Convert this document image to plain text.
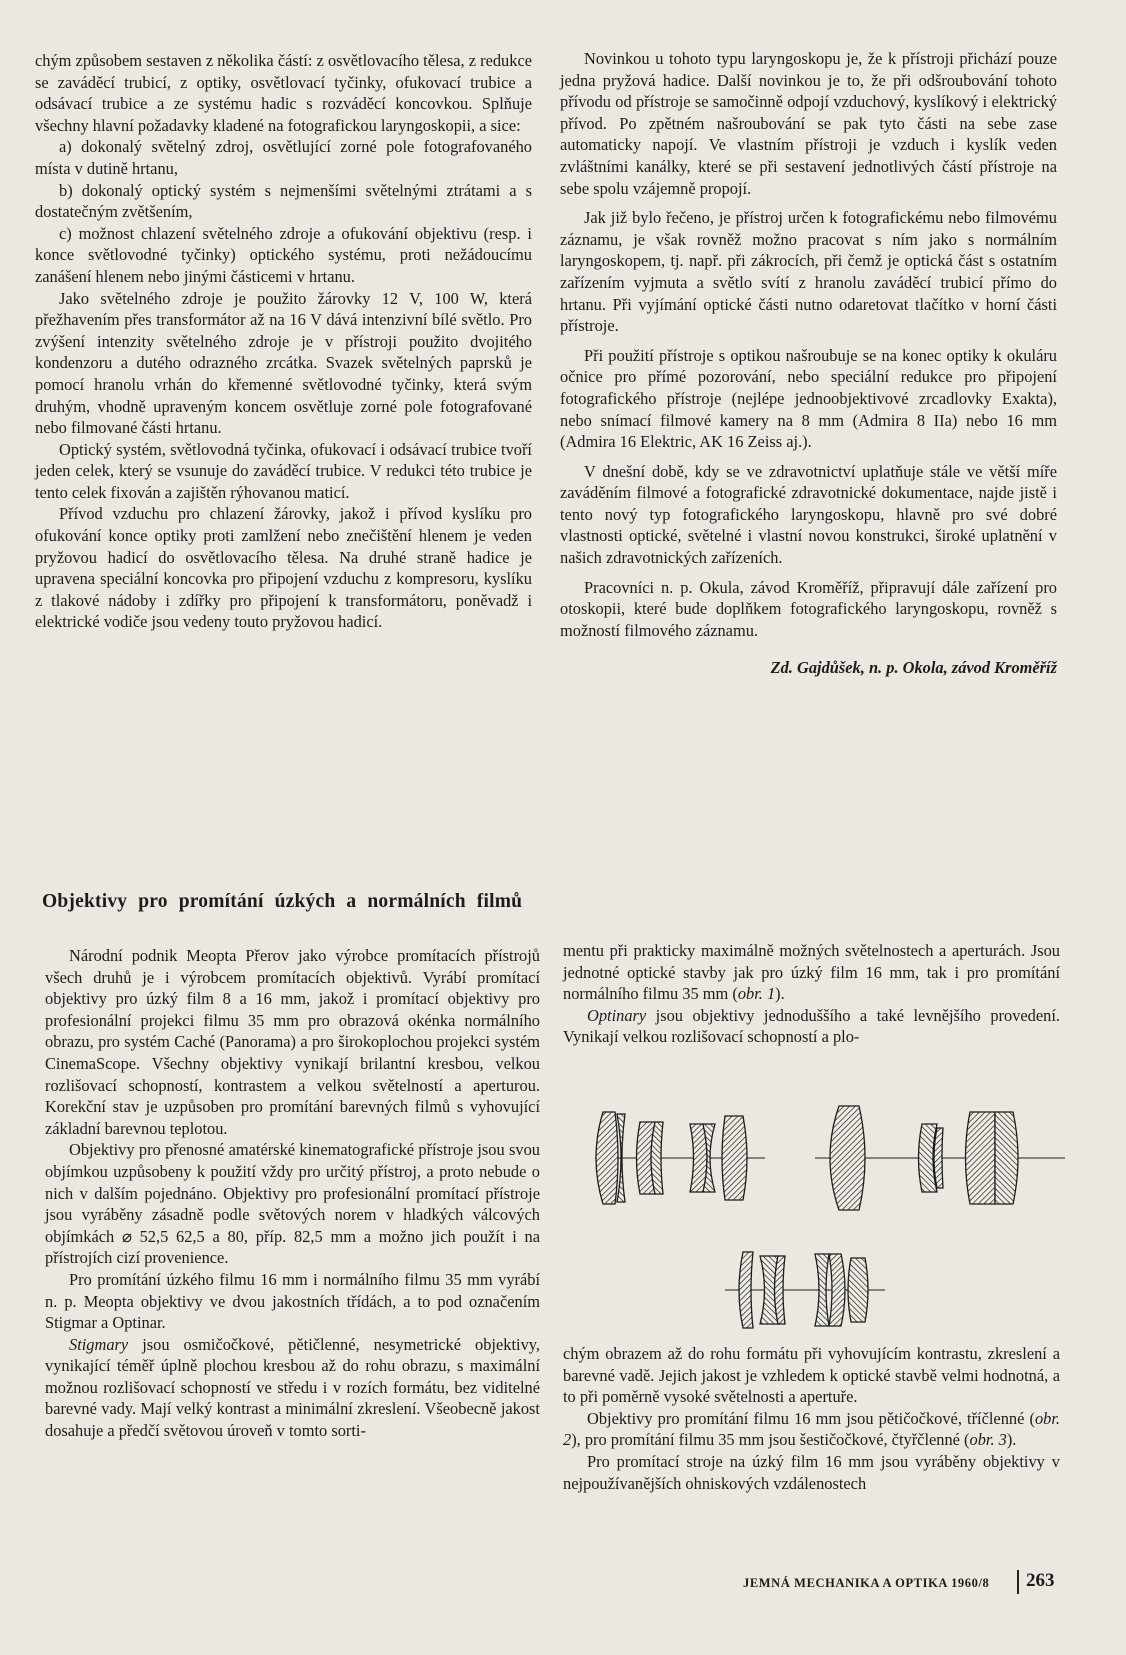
chým způsobem sestaven z několika částí: z osvětlovacího tělesa, z redukce se zaváděcí trubicí, z optiky, osvětlovací tyčinky, ofukovací trubice a odsávací trubice a ze systému hadic s rozváděcí koncovkou. Splňuje všechny hlavní požadavky kladené na fotografickou laryngoskopii, a sice:

a) dokonalý světelný zdroj, osvětlující zorné pole fotografovaného místa v dutině hrtanu,

b) dokonalý optický systém s nejmenšími světelnými ztrátami a s dostatečným zvětšením,

c) možnost chlazení světelného zdroje a ofukování objektivu (resp. i konce světlovodné tyčinky) optického systému, proti nežádoucímu zanášení hlenem nebo jinými částicemi v hrtanu.

Jako světelného zdroje je použito žárovky 12 V, 100 W, která přežhavením přes transformátor až na 16 V dává intenzivní bílé světlo. Pro zvýšení intenzity světelného zdroje je v přístroji použito dvojitého kondenzoru a dutého odrazného zrcátka. Svazek světelných paprsků je pomocí hranolu vrhán do křemenné světlovodné tyčinky, která svým druhým, vhodně upraveným koncem osvětluje zorné pole fotografované nebo filmované části hrtanu.

Optický systém, světlovodná tyčinka, ofukovací i odsávací trubice tvoří jeden celek, který se vsunuje do zaváděcí trubice. V redukci této trubice je tento celek fixován a zajištěn rýhovanou maticí.

Přívod vzduchu pro chlazení žárovky, jakož i přívod kyslíku pro ofukování konce optiky proti zamlžení nebo znečištění hlenem je veden pryžovou hadicí do osvětlovacího tělesa. Na druhé straně hadice je upravena speciální koncovka pro připojení vzduchu z kompresoru, kyslíku z tlakové nádoby i zdířky pro připojení k transformátoru, poněvadž i elektrické vodiče jsou vedeny touto pryžovou hadicí.

Novinkou u tohoto typu laryngoskopu je, že k přístroji přichází pouze jedna pryžová hadice. Další novinkou je to, že při odšroubování tohoto přívodu od přístroje se samočinně odpojí vzduchový, kyslíkový i elektrický přívod. Po zpětném našroubování se pak tyto části na sebe zase automaticky napojí. Ve vlastním přístroji je vzduch i kyslík veden zvláštními kanálky, které se při sestavení jednotlivých částí přístroje na sebe spolu vzájemně propojí.

Jak již bylo řečeno, je přístroj určen k fotografickému nebo filmovému záznamu, je však rovněž možno pracovat s ním jako s normálním laryngoskopem, tj. např. při zákrocích, při čemž je optická část s ostatním zařízením vyjmuta a světlo svítí z hranolu zaváděcí trubicí přímo do hrtanu. Při vyjímání optické části nutno odaretovat tlačítko v horní části přístroje.

Při použití přístroje s optikou našroubuje se na konec optiky k okuláru očnice pro přímé pozorování, nebo speciální redukce pro připojení fotografického přístroje (nejlépe jednoobjektivové zrcadlovky Exakta), nebo snímací filmové kamery na 8 mm (Admira 8 IIa) nebo 16 mm (Admira 16 Elektric, AK 16 Zeiss aj.).

V dnešní době, kdy se ve zdravotnictví uplatňuje stále ve větší míře zaváděním filmové a fotografické zdravotnické dokumentace, najde jistě i tento nový typ fotografického laryngoskopu, hlavně pro své dobré vlastnosti optické, světelné i vlastní novou konstrukci, široké uplatnění v našich zdravotnických zařízeních.

Pracovníci n. p. Okula, závod Kroměříž, připravují dále zařízení pro otoskopii, které bude doplňkem fotografického laryngoskopu, rovněž s možností filmového záznamu.

Zd. Gajdůšek, n. p. Okola, závod Kroměříž
Objektivy pro promítání úzkých a normálních filmů

Národní podnik Meopta Přerov jako výrobce promítacích přístrojů všech druhů je i výrobcem promítacích objektivů. Vyrábí promítací objektivy pro úzký film 8 a 16 mm, jakož i promítací objektivy pro profesionální projekci filmu 35 mm pro obrazová okénka normálního obrazu, pro systém Caché (Panorama) a pro širokoplochou projekci systém CinemaScope. Všechny objektivy vynikají brilantní kresbou, velkou rozlišovací schopností, kontrastem a velkou světelností a aperturou. Korekční stav je uzpůsoben pro promítání barevných filmů s vyhovující základní barevnou teplotou.

Objektivy pro přenosné amatérské kinematografické přístroje jsou svou objímkou uzpůsobeny k použití vždy pro určitý přístroj, a proto nebude o nich v dalším pojednáno. Objektivy pro profesionální promítací přístroje jsou vyráběny zásadně podle světových norem v hladkých válcových objímkách ⌀ 52,5 62,5 a 80, příp. 82,5 mm a možno jich použít i na přístrojích cizí provenience.

Pro promítání úzkého filmu 16 mm i normálního filmu 35 mm vyrábí n. p. Meopta objektivy ve dvou jakostních třídách, a to pod označením Stigmar a Optinar.

Stigmary jsou osmičočkové, pětičlenné, nesymetrické objektivy, vynikající téměř úplně plochou kresbou až do rohu obrazu, s maximální možnou rozlišovací schopností ve středu i v rozích formátu, bez viditelné barevné vady. Mají velký kontrast a minimální zkreslení. Všeobecně jakost dosahuje a předčí světovou úroveň v tomto sorti-

mentu při prakticky maximálně možných světelnostech a aperturách. Jsou jednotné optické stavby jak pro úzký film 16 mm, tak i pro promítání normálního filmu 35 mm (obr. 1).

Optinary jsou objektivy jednoduššího a také levnějšího provedení. Vynikají velkou rozlišovací schopností a plo-

chým obrazem až do rohu formátu při vyhovujícím kontrastu, zkreslení a barevné vadě. Jejich jakost je vzhledem k optické stavbě velmi hodnotná, a to při poměrně vysoké světelnosti a apertuře.

Objektivy pro promítání filmu 16 mm jsou pětičočkové, tříčlenné (obr. 2), pro promítání filmu 35 mm jsou šestičočkové, čtyřčlenné (obr. 3).

Pro promítací stroje na úzký film 16 mm jsou vyráběny objektivy v nejpoužívanějších ohniskových vzdálenostech

JEMNÁ MECHANIKA A OPTIKA 1960/8 263
